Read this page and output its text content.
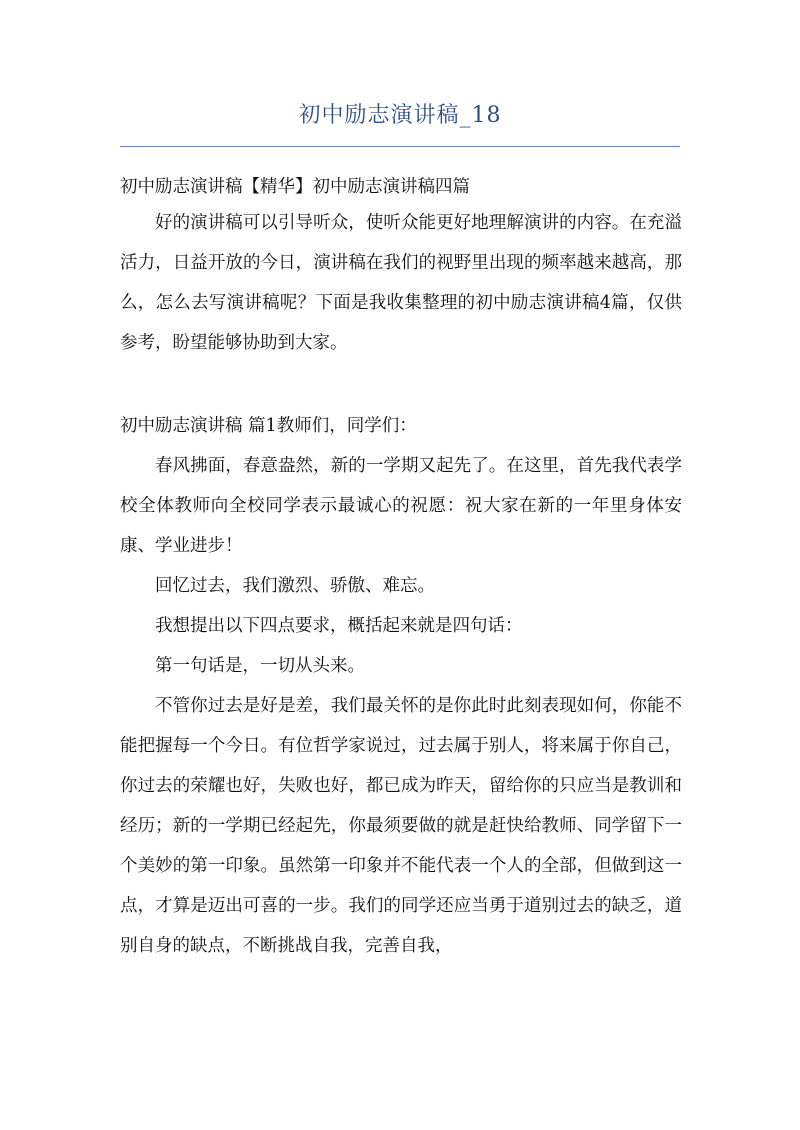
初中励志演讲稿_18
初中励志演讲稿【精华】初中励志演讲稿四篇

好的演讲稿可以引导听众，使听众能更好地理解演讲的内容。在充溢活力，日益开放的今日，演讲稿在我们的视野里出现的频率越来越高，那么，怎么去写演讲稿呢？下面是我收集整理的初中励志演讲稿4篇，仅供参考，盼望能够协助到大家。

初中励志演讲稿 篇1教师们，同学们：

春风拂面，春意盎然，新的一学期又起先了。在这里，首先我代表学校全体教师向全校同学表示最诚心的祝愿：祝大家在新的一年里身体安康、学业进步！

回忆过去，我们激烈、骄傲、难忘。

我想提出以下四点要求，概括起来就是四句话：

第一句话是，一切从头来。

不管你过去是好是差，我们最关怀的是你此时此刻表现如何，你能不能把握每一个今日。有位哲学家说过，过去属于别人，将来属于你自己，你过去的荣耀也好，失败也好，都已成为昨天，留给你的只应当是教训和经历；新的一学期已经起先，你最须要做的就是赶快给教师、同学留下一个美妙的第一印象。虽然第一印象并不能代表一个人的全部，但做到这一点，才算是迈出可喜的一步。我们的同学还应当勇于道别过去的缺乏，道别自身的缺点，不断挑战自我，完善自我，
